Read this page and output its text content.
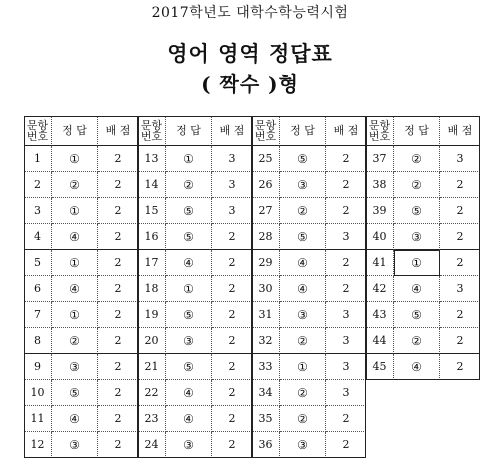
2017학년도 대학수학능력시험
영어 영역 정답표
( 짝수 )형
문항
번호	정 답	배 점
1	①	2
2	②	2
3	①	2
4	④	2
5	①	2
6	④	2
7	①	2
8	②	2
9	③	2
10	⑤	2
11	④	2
12	③	2
문항
번호	정 답	배 점
13	①	3
14	②	3
15	⑤	3
16	⑤	2
17	④	2
18	①	2
19	⑤	2
20	③	2
21	⑤	2
22	④	2
23	④	2
24	③	2
문항
번호	정 답	배 점
25	⑤	2
26	③	2
27	②	2
28	⑤	3
29	④	2
30	④	2
31	③	3
32	②	3
33	①	3
34	②	3
35	②	2
36	③	2
문항
번호	정 답	배 점
37	②	3
38	②	2
39	⑤	2
40	③	2
41	①	2
42	④	3
43	⑤	2
44	②	2
45	④	2
